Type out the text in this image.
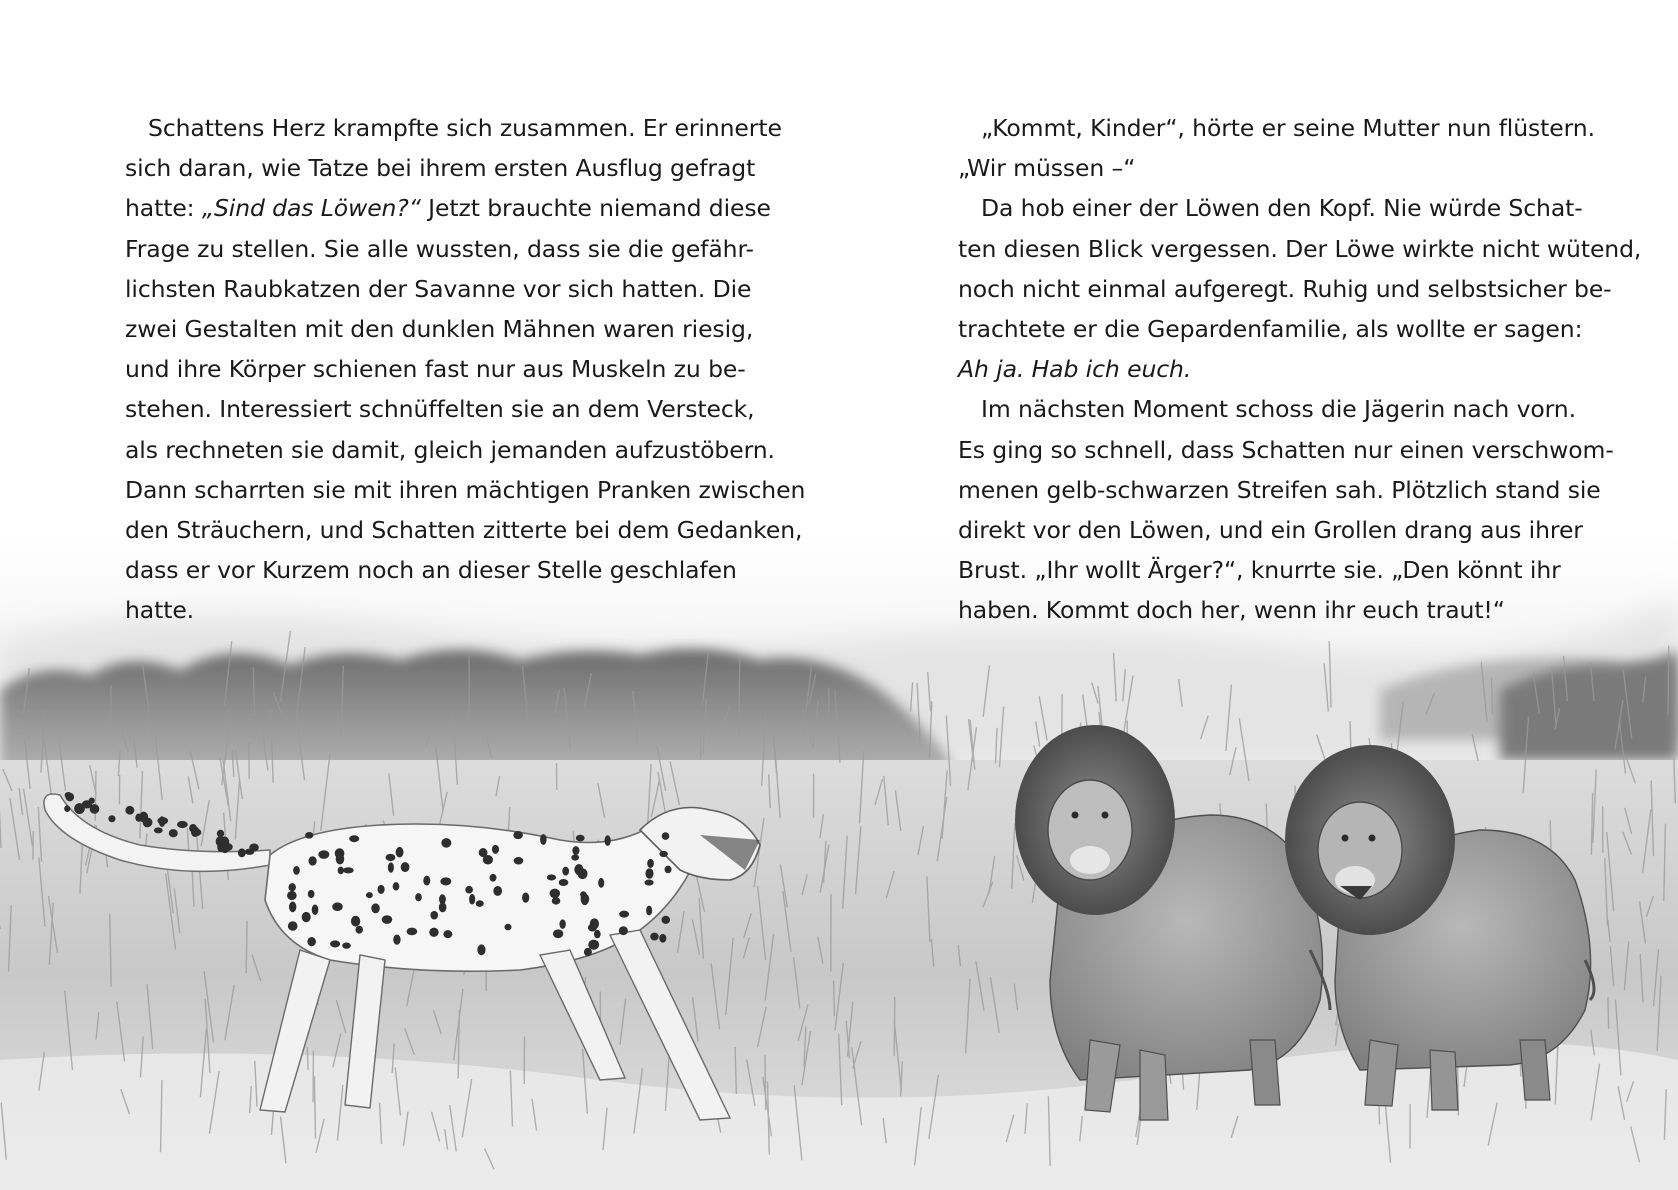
Schattens Herz krampfte sich zusammen. Er erinnerte
sich daran, wie Tatze bei ihrem ersten Ausflug gefragt
hatte: „Sind das Löwen?“ Jetzt brauchte niemand diese
Frage zu stellen. Sie alle wussten, dass sie die gefähr-
lichsten Raubkatzen der Savanne vor sich hatten. Die
zwei Gestalten mit den dunklen Mähnen waren riesig,
und ihre Körper schienen fast nur aus Muskeln zu be-
stehen. Interessiert schnüffelten sie an dem Versteck,
als rechneten sie damit, gleich jemanden aufzustöbern.
Dann scharrten sie mit ihren mächtigen Pranken zwischen
den Sträuchern, und Schatten zitterte bei dem Gedanken,
dass er vor Kurzem noch an dieser Stelle geschlafen
hatte.
„Kommt, Kinder“, hörte er seine Mutter nun flüstern.
„Wir müssen –“
Da hob einer der Löwen den Kopf. Nie würde Schat-
ten diesen Blick vergessen. Der Löwe wirkte nicht wütend,
noch nicht einmal aufgeregt. Ruhig und selbstsicher be-
trachtete er die Gepardenfamilie, als wollte er sagen:
Ah ja. Hab ich euch.
Im nächsten Moment schoss die Jägerin nach vorn.
Es ging so schnell, dass Schatten nur einen verschwom-
menen gelb-schwarzen Streifen sah. Plötzlich stand sie
direkt vor den Löwen, und ein Grollen drang aus ihrer
Brust. „Ihr wollt Ärger?“, knurrte sie. „Den könnt ihr
haben. Kommt doch her, wenn ihr euch traut!“
